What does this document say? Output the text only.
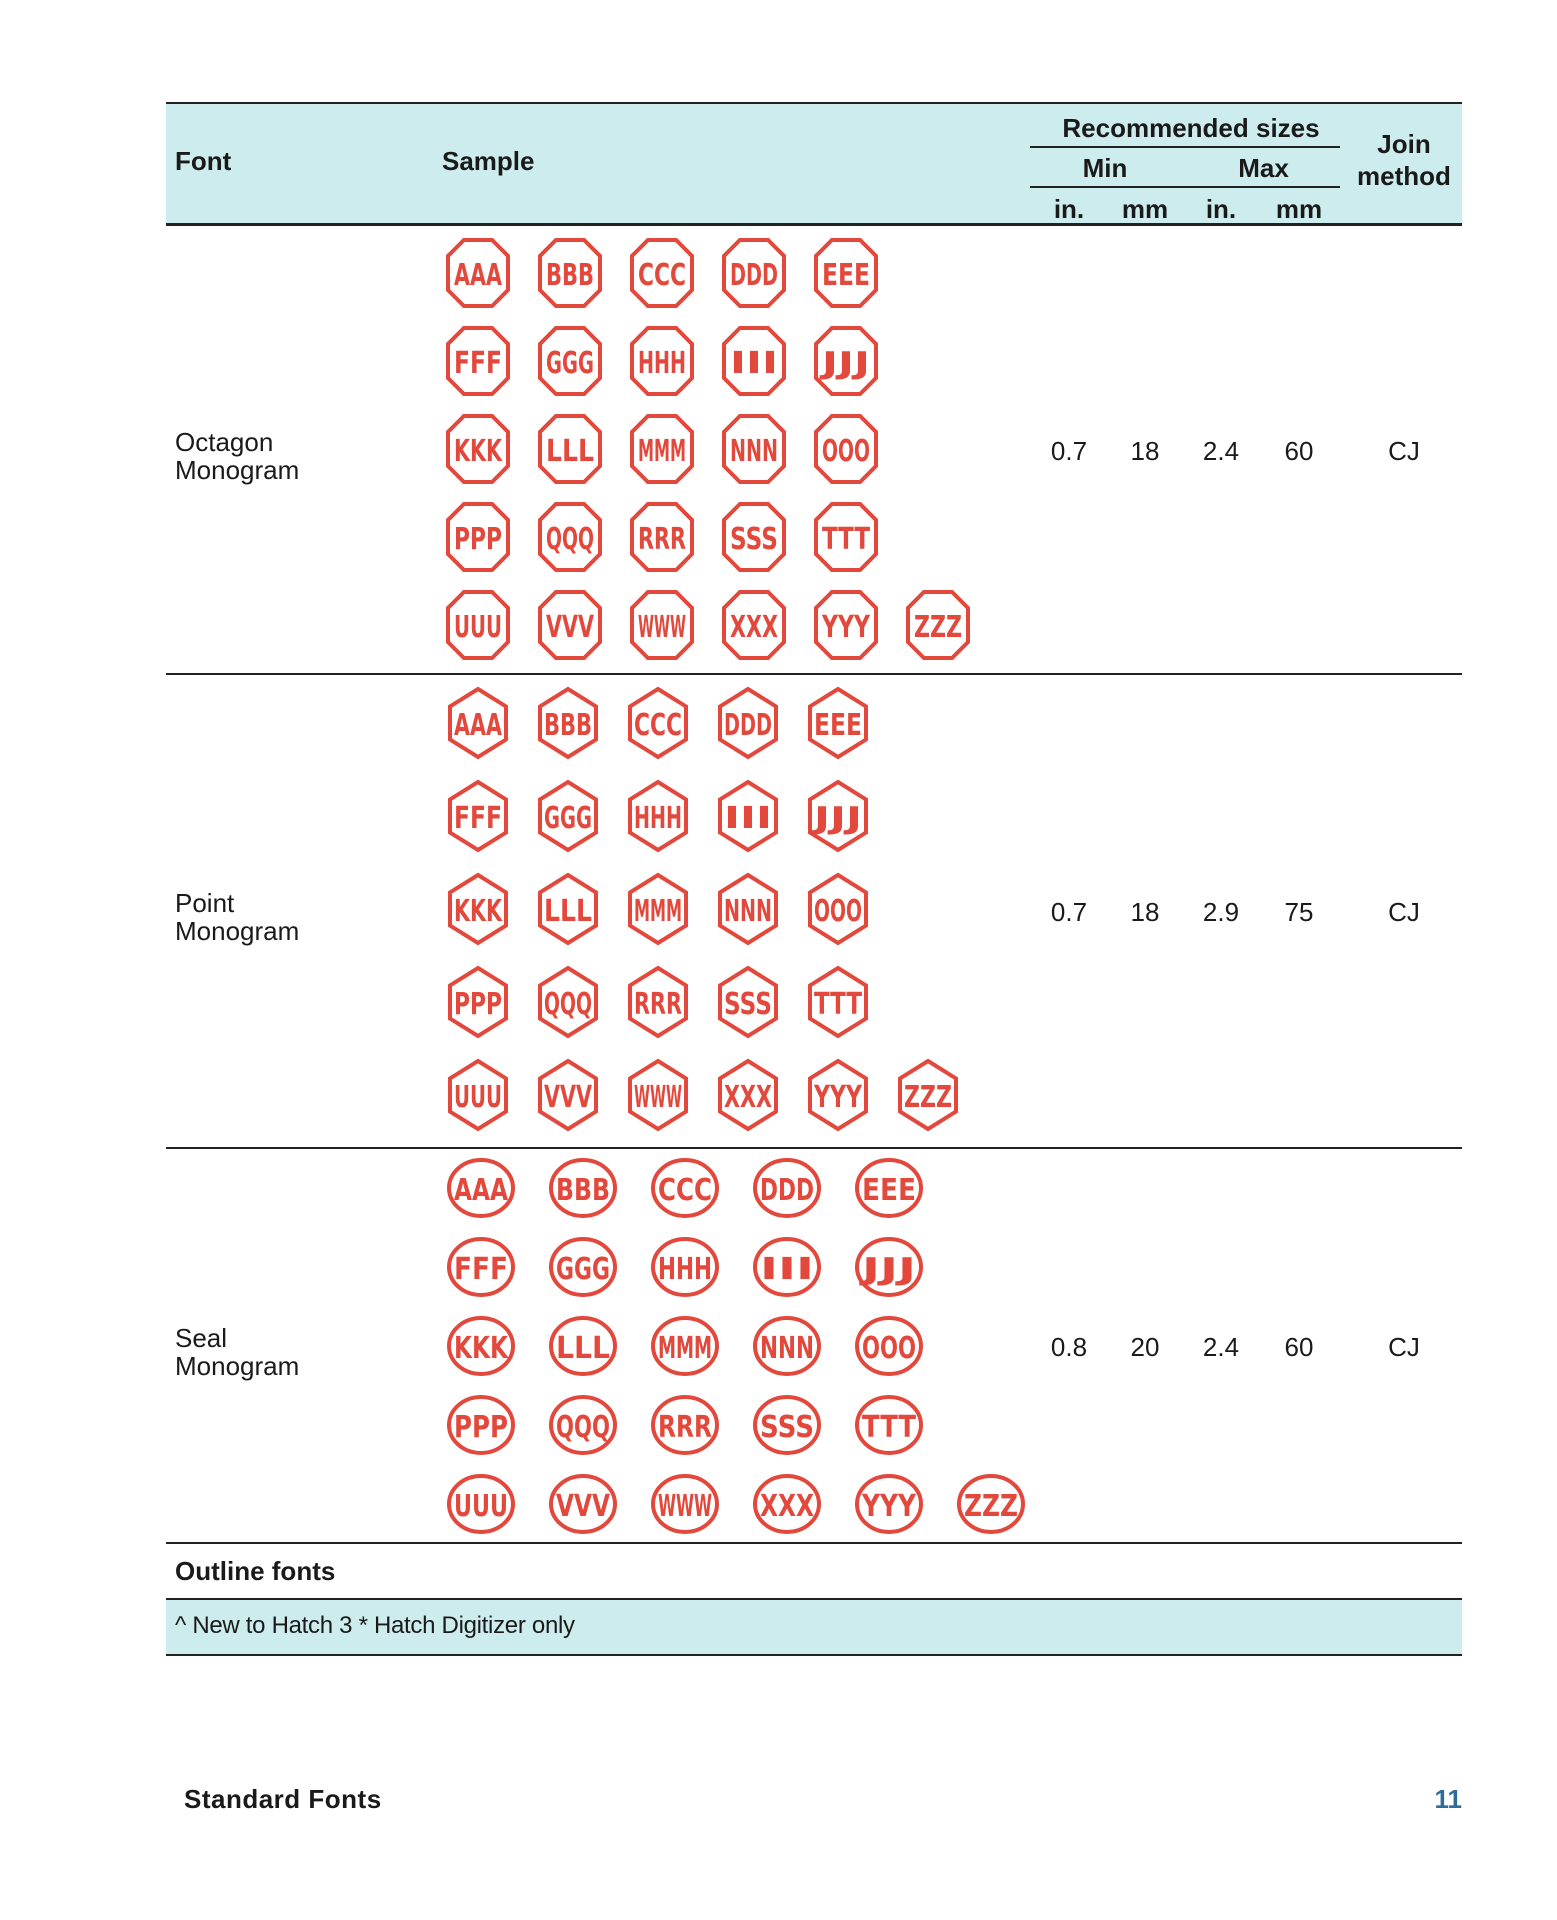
Font	Sample
Recommended sizes
Min	Max
in.	mm	in.	mm
Join
method
Octagon
Monogram
AAA BBB CCC DDD EEE
FFF GGG HHH III JJJ
KKK LLL MMM NNN OOO
PPP QQQ RRR SSS TTT
UUU VVV WWW XXX YYY ZZZ
0.7	18	2.4	60	CJ
Point
Monogram
AAA BBB CCC DDD EEE
FFF GGG HHH III JJJ
KKK LLL MMM NNN OOO
PPP QQQ RRR SSS TTT
UUU VVV WWW XXX YYY ZZZ
0.7	18	2.9	75	CJ
Seal
Monogram
AAA BBB CCC DDD EEE
FFF GGG HHH III JJJ
KKK LLL MMM NNN OOO
PPP QQQ RRR SSS TTT
UUU VVV WWW XXX YYY ZZZ
0.8	20	2.4	60	CJ
Outline fonts
^ New to Hatch 3 * Hatch Digitizer only
Standard Fonts	11
